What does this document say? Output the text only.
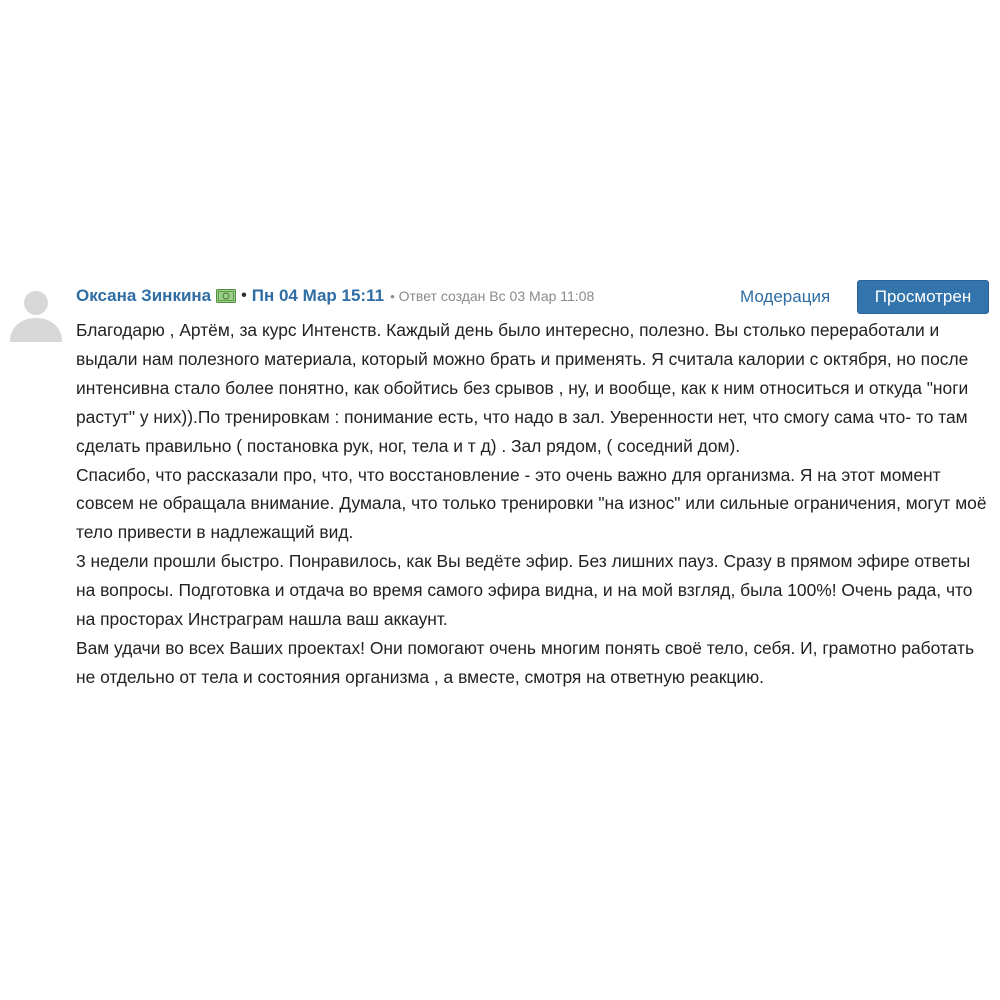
Оксана Зинкина • Пн 04 Мар 15:11 • Ответ создан Вс 03 Мар 11:08	Модерация	Просмотрен

Благодарю , Артём, за курс Интенств. Каждый день было интересно, полезно. Вы столько переработали и выдали нам полезного материала, который можно брать и применять. Я считала калории с октября, но после интенсивна стало более понятно, как обойтись без срывов , ну, и вообще, как к ним относиться и откуда "ноги растут" у них)).По тренировкам : понимание есть, что надо в зал. Уверенности нет, что смогу сама что- то там сделать правильно ( постановка рук, ног, тела и т д) . Зал рядом, ( соседний дом).

Спасибо, что рассказали про, что, что восстановление - это очень важно для организма. Я на этот момент совсем не обращала внимание. Думала, что только тренировки "на износ" или сильные ограничения, могут моё тело привести в надлежащий вид.

3 недели прошли быстро. Понравилось, как Вы ведёте эфир. Без лишних пауз. Сразу в прямом эфире ответы на вопросы. Подготовка и отдача во время самого эфира видна, и на мой взгляд, была 100%! Очень рада, что на просторах Инстраграм нашла ваш аккаунт.

Вам удачи во всех Ваших проектах! Они помогают очень многим понять своё тело, себя. И, грамотно работать не отдельно от тела и состояния организма , а вместе, смотря на ответную реакцию.
